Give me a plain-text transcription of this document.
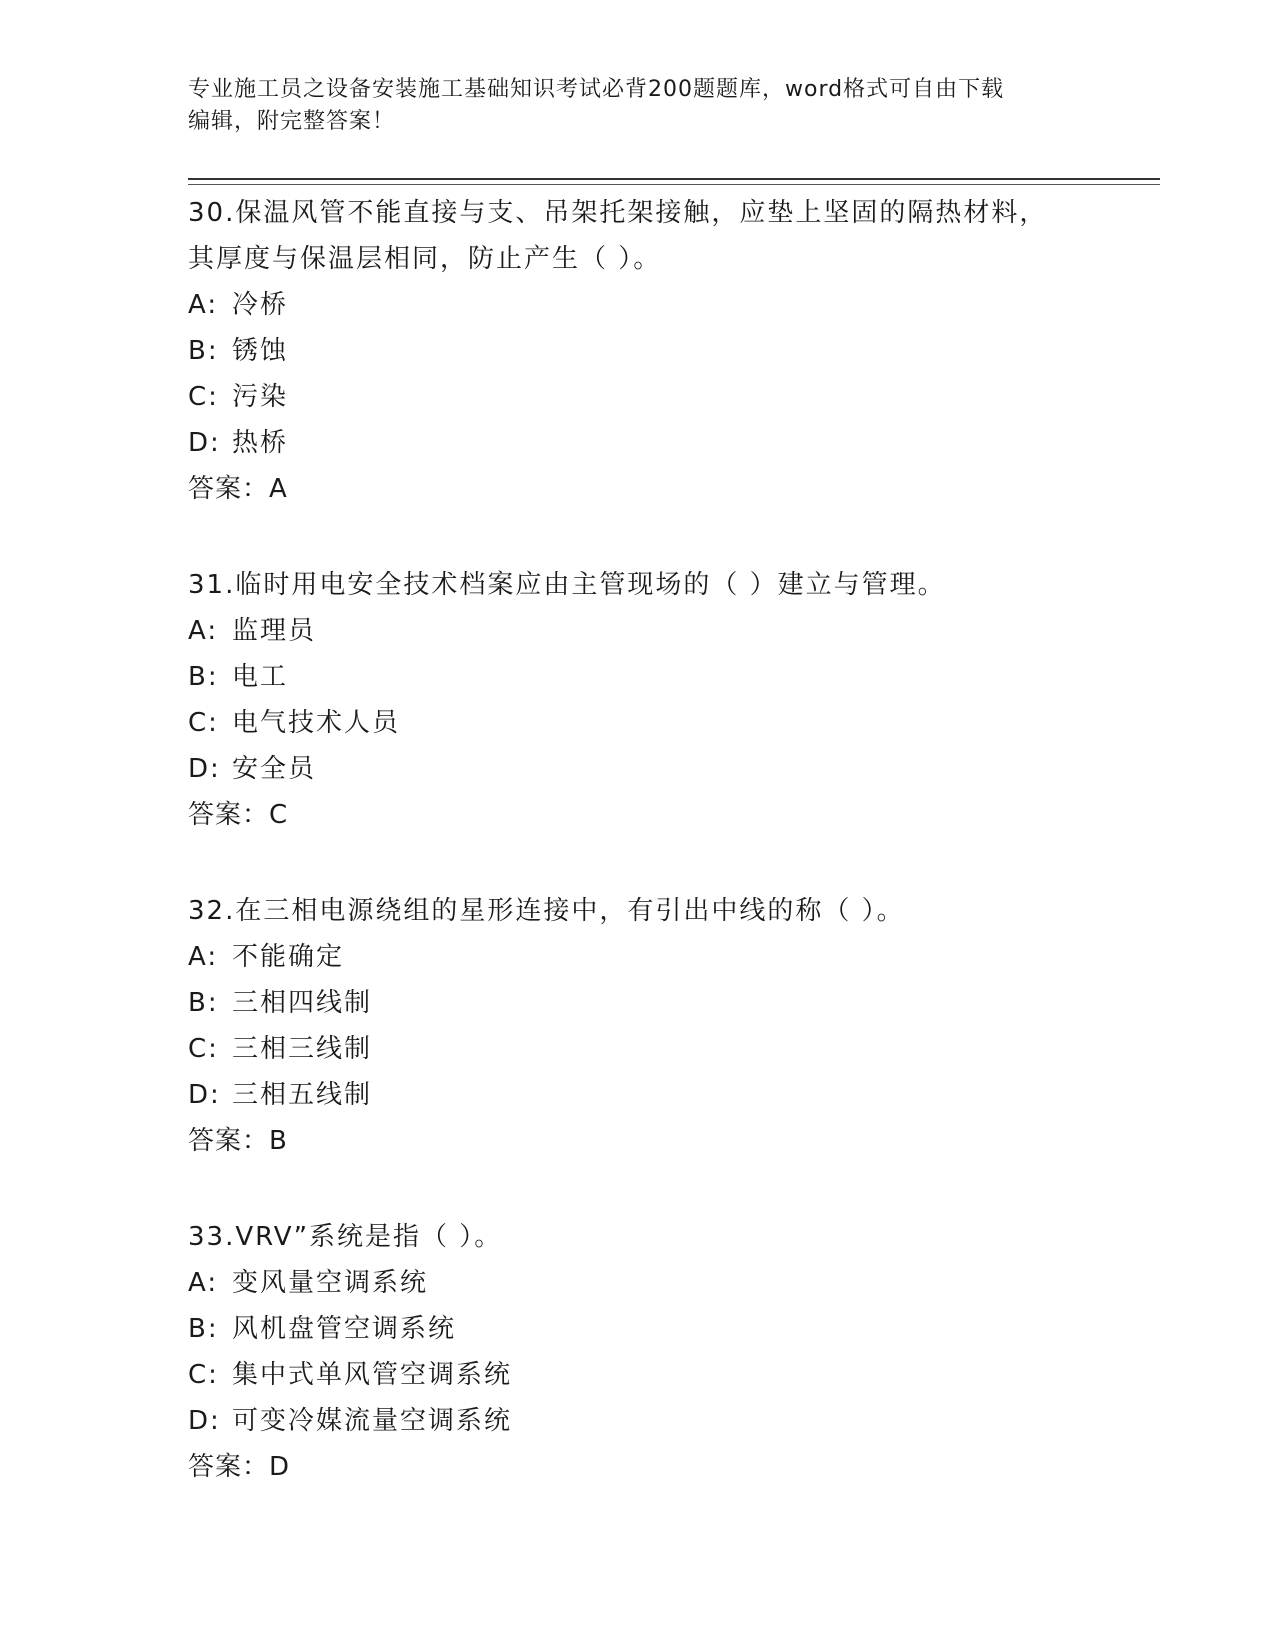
专业施工员之设备安装施工基础知识考试必背200题题库，word格式可自由下载
编辑，附完整答案！
30.保温风管不能直接与支、吊架托架接触，应垫上坚固的隔热材料，
其厚度与保温层相同，防止产生（ ）。
A: 冷桥
B: 锈蚀
C: 污染
D: 热桥
答案：A
31.临时用电安全技术档案应由主管现场的（ ）建立与管理。
A: 监理员
B: 电工
C: 电气技术人员
D: 安全员
答案：C
32.在三相电源绕组的星形连接中，有引出中线的称（ ）。
A: 不能确定
B: 三相四线制
C: 三相三线制
D: 三相五线制
答案：B
33.VRV”系统是指（ ）。
A: 变风量空调系统
B: 风机盘管空调系统
C: 集中式单风管空调系统
D: 可变冷媒流量空调系统
答案：D
